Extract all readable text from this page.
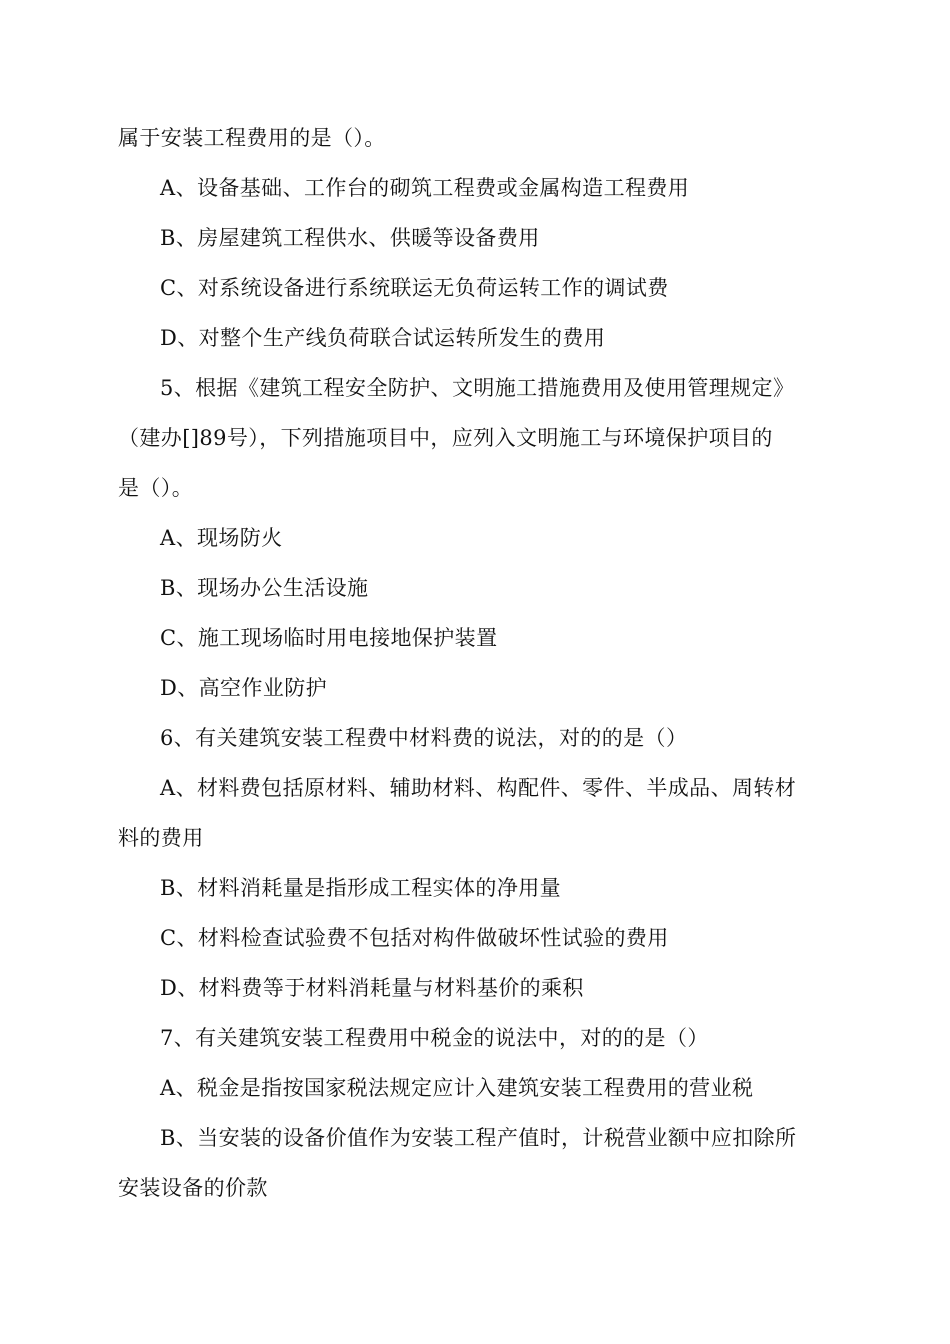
属于安装工程费用的是（）。
A、设备基础、工作台的砌筑工程费或金属构造工程费用
B、房屋建筑工程供水、供暖等设备费用
C、对系统设备进行系统联运无负荷运转工作的调试费
D、对整个生产线负荷联合试运转所发生的费用
5、根据《建筑工程安全防护、文明施工措施费用及使用管理规定》
（建办[]89号），下列措施项目中，应列入文明施工与环境保护项目的
是（）。
A、现场防火
B、现场办公生活设施
C、施工现场临时用电接地保护装置
D、高空作业防护
6、有关建筑安装工程费中材料费的说法，对的的是（）
A、材料费包括原材料、辅助材料、构配件、零件、半成品、周转材
料的费用
B、材料消耗量是指形成工程实体的净用量
C、材料检查试验费不包括对构件做破坏性试验的费用
D、材料费等于材料消耗量与材料基价的乘积
7、有关建筑安装工程费用中税金的说法中，对的的是（）
A、税金是指按国家税法规定应计入建筑安装工程费用的营业税
B、当安装的设备价值作为安装工程产值时，计税营业额中应扣除所
安装设备的价款
